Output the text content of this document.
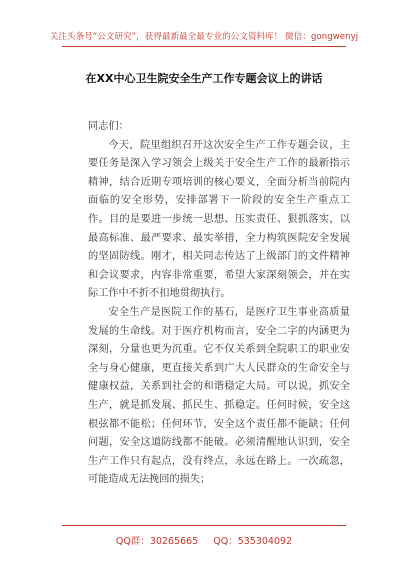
关注头条号“公文研究”，获得最新最全最专业的公文资料库！ 微信：gongwenyj
在XX中心卫生院安全生产工作专题会议上的讲话

同志们：

今天，院里组织召开这次安全生产工作专题会议，主要任务是深入学习领会上级关于安全生产工作的最新指示精神，结合近期专项培训的核心要义，全面分析当前院内面临的安全形势，安排部署下一阶段的安全生产重点工作。目的是要进一步统一思想、压实责任、狠抓落实，以最高标准、最严要求、最实举措，全力构筑医院安全发展的坚固防线。刚才，相关同志传达了上级部门的文件精神和会议要求，内容非常重要，希望大家深刻领会，并在实际工作中不折不扣地贯彻执行。

安全生产是医院工作的基石，是医疗卫生事业高质量发展的生命线。对于医疗机构而言，安全二字的内涵更为深刻，分量也更为沉重。它不仅关系到全院职工的职业安全与身心健康，更直接关系到广大人民群众的生命安全与健康权益，关系到社会的和谐稳定大局。可以说，抓安全生产，就是抓发展、抓民生、抓稳定。任何时候，安全这根弦都不能松；任何环节，安全这个责任都不能缺；任何问题，安全这道防线都不能破。必须清醒地认识到，安全生产工作只有起点，没有终点，永远在路上。一次疏忽，可能造成无法挽回的损失；

QQ群：30265665 QQ：535304092
